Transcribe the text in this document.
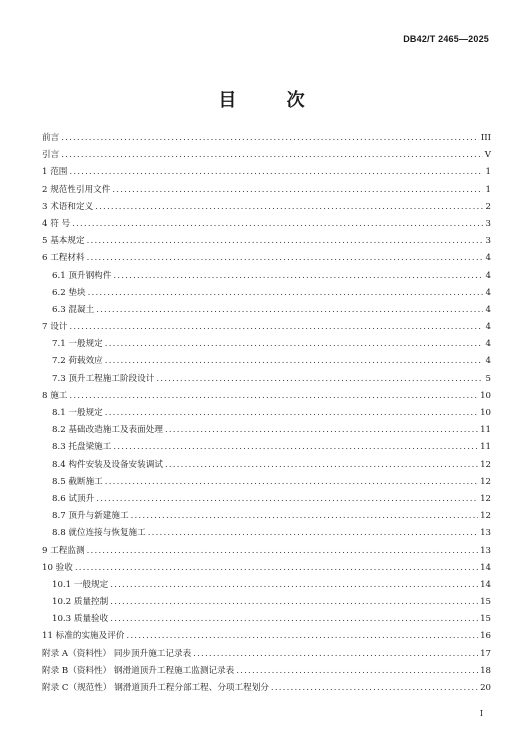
DB42/T 2465—2025
目 次
前言 .....	III
引言 .....	V
1 范围 .....	1
2 规范性引用文件 .....	1
3 术语和定义 .....	2
4 符 号 .....	3
5 基本规定 .....	3
6 工程材料 .....	4
6.1 顶升钢构件 .....	4
6.2 垫块 .....	4
6.3 混凝土 .....	4
7 设计 .....	4
7.1 一般规定 .....	4
7.2 荷载效应 .....	4
7.3 顶升工程施工阶段设计 .....	5
8 施工 .....	10
8.1 一般规定 .....	10
8.2 基础改造施工及表面处理 .....	11
8.3 托盘梁施工 .....	11
8.4 构件安装及设备安装调试 .....	12
8.5 截断施工 .....	12
8.6 试顶升 .....	12
8.7 顶升与新建施工 .....	12
8.8 就位连接与恢复施工 .....	13
9 工程监测 .....	13
10 验收 .....	14
10.1 一般规定 .....	14
10.2 质量控制 .....	15
10.3 质量验收 .....	15
11 标准的实施及评价 .....	16
附录 A（资料性） 同步顶升施工记录表 .....	17
附录 B（资料性） 钢滑道顶升工程施工监测记录表 .....	18
附录 C（规范性） 钢滑道顶升工程分部工程、分项工程划分 .....	20
I
